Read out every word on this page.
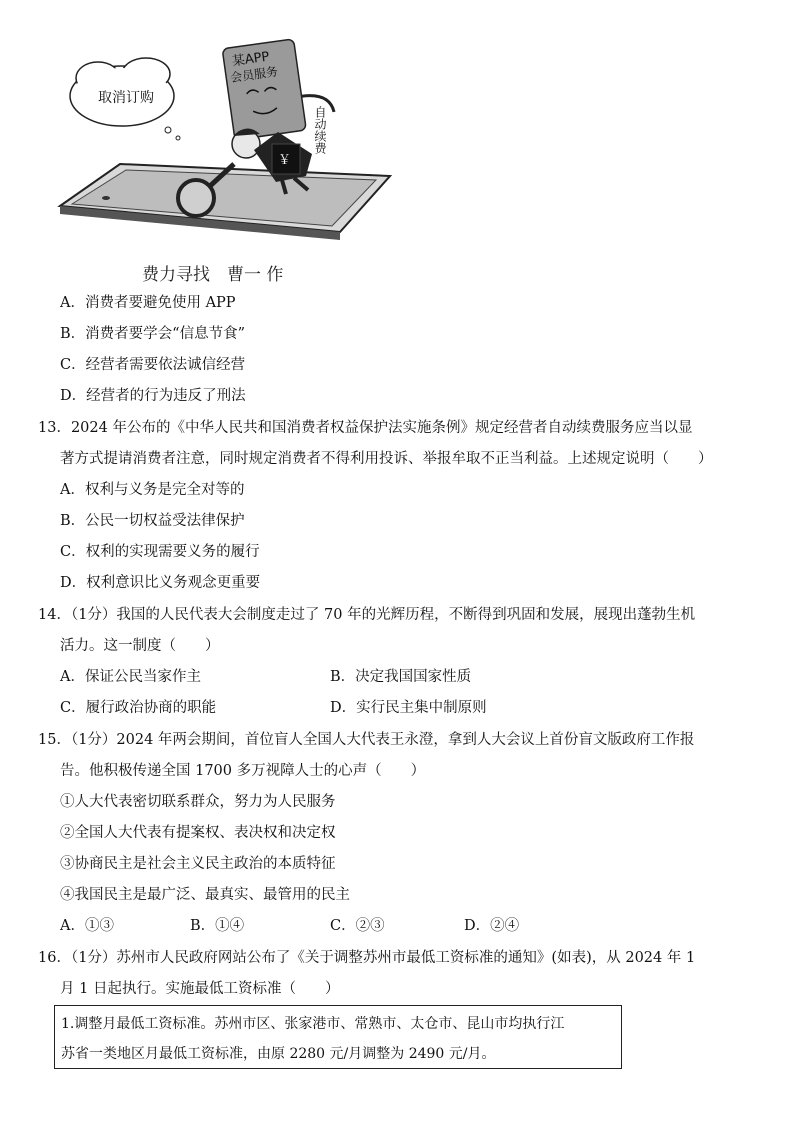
取消订购
某APP
会员服务
自动续费
￥
费力寻找　曹一 作
A．消费者要避免使用 APP
B．消费者要学会“信息节食”
C．经营者需要依法诚信经营
D．经营者的行为违反了刑法
13．2024 年公布的《中华人民共和国消费者权益保护法实施条例》规定经营者自动续费服务应当以显
著方式提请消费者注意，同时规定消费者不得利用投诉、举报牟取不正当利益。上述规定说明（　　）
A．权利与义务是完全对等的
B．公民一切权益受法律保护
C．权利的实现需要义务的履行
D．权利意识比义务观念更重要
14．（1分）我国的人民代表大会制度走过了 70 年的光辉历程，不断得到巩固和发展，展现出蓬勃生机
活力。这一制度（　　）
A．保证公民当家作主	B．决定我国国家性质
C．履行政治协商的职能	D．实行民主集中制原则
15．（1分）2024 年两会期间，首位盲人全国人大代表王永澄，拿到人大会议上首份盲文版政府工作报
告。他积极传递全国 1700 多万视障人士的心声（　　）
①人大代表密切联系群众，努力为人民服务
②全国人大代表有提案权、表决权和决定权
③协商民主是社会主义民主政治的本质特征
④我国民主是最广泛、最真实、最管用的民主
A．①③	B．①④	C．②③	D．②④
16．（1分）苏州市人民政府网站公布了《关于调整苏州市最低工资标准的通知》(如表)，从 2024 年 1
月 1 日起执行。实施最低工资标准（　　）
1.调整月最低工资标准。苏州市区、张家港市、常熟市、太仓市、昆山市均执行江
苏省一类地区月最低工资标准，由原 2280 元/月调整为 2490 元/月。
